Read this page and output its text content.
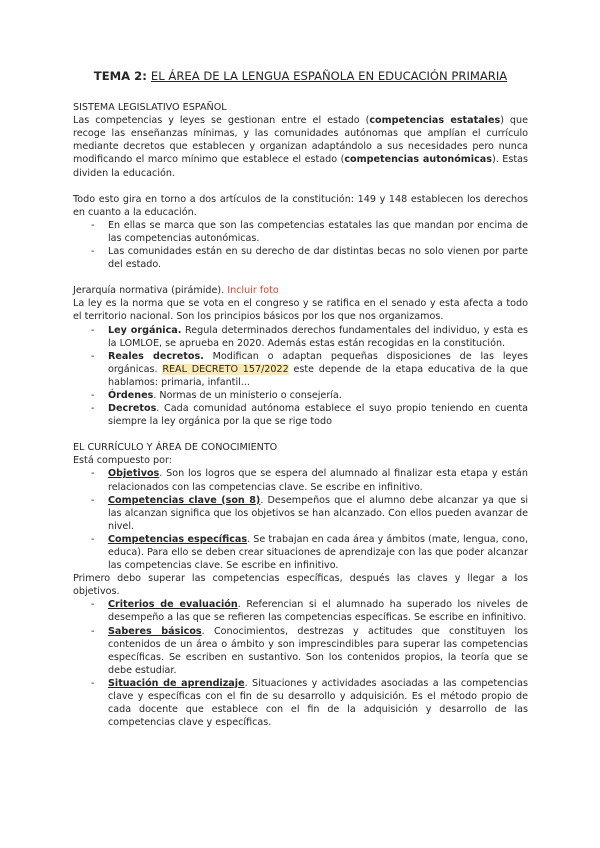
TEMA 2: EL ÁREA DE LA LENGUA ESPAÑOLA EN EDUCACIÓN PRIMARIA

SISTEMA LEGISLATIVO ESPAÑOL

Las competencias y leyes se gestionan entre el estado (competencias estatales) que recoge las enseñanzas mínimas, y las comunidades autónomas que amplían el currículo mediante decretos que establecen y organizan adaptándolo a sus necesidades pero nunca modificando el marco mínimo que establece el estado (competencias autonómicas). Estas dividen la educación.

Todo esto gira en torno a dos artículos de la constitución: 149 y 148 establecen los derechos en cuanto a la educación.

- En ellas se marca que son las competencias estatales las que mandan por encima de las competencias autonómicas.
- Las comunidades están en su derecho de dar distintas becas no solo vienen por parte del estado.

Jerarquía normativa (pirámide). Incluir foto

La ley es la norma que se vota en el congreso y se ratifica en el senado y esta afecta a todo el territorio nacional. Son los principios básicos por los que nos organizamos.

- Ley orgánica. Regula determinados derechos fundamentales del individuo, y esta es la LOMLOE, se aprueba en 2020. Además estas están recogidas en la constitución.
- Reales decretos. Modifican o adaptan pequeñas disposiciones de las leyes orgánicas. REAL DECRETO 157/2022 este depende de la etapa educativa de la que hablamos: primaria, infantil...
- Órdenes. Normas de un ministerio o consejería.
- Decretos. Cada comunidad autónoma establece el suyo propio teniendo en cuenta siempre la ley orgánica por la que se rige todo

EL CURRÍCULO Y ÁREA DE CONOCIMIENTO

Está compuesto por:

- Objetivos. Son los logros que se espera del alumnado al finalizar esta etapa y están relacionados con las competencias clave. Se escribe en infinitivo.
- Competencias clave (son 8). Desempeños que el alumno debe alcanzar ya que si las alcanzan significa que los objetivos se han alcanzado. Con ellos pueden avanzar de nivel.
- Competencias específicas. Se trabajan en cada área y ámbitos (mate, lengua, cono, educa). Para ello se deben crear situaciones de aprendizaje con las que poder alcanzar las competencias clave. Se escribe en infinitivo.

Primero debo superar las competencias específicas, después las claves y llegar a los objetivos.

- Criterios de evaluación. Referencian si el alumnado ha superado los niveles de desempeño a las que se refieren las competencias específicas. Se escribe en infinitivo.
- Saberes básicos. Conocimientos, destrezas y actitudes que constituyen los contenidos de un área o ámbito y son imprescindibles para superar las competencias específicas. Se escriben en sustantivo. Son los contenidos propios, la teoría que se debe estudiar.
- Situación de aprendizaje. Situaciones y actividades asociadas a las competencias clave y específicas con el fin de su desarrollo y adquisición. Es el método propio de cada docente que establece con el fin de la adquisición y desarrollo de las competencias clave y específicas.
